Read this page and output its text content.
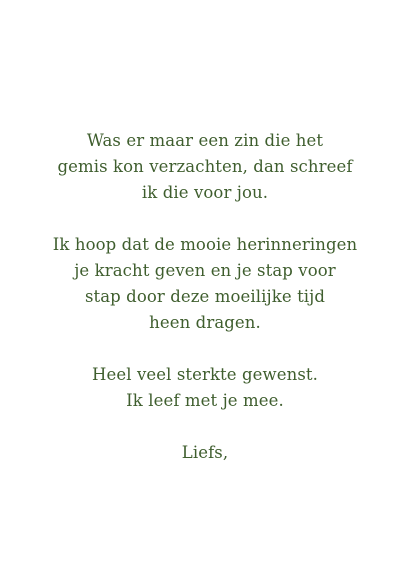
Was er maar een zin die het
gemis kon verzachten, dan schreef
ik die voor jou.

Ik hoop dat de mooie herinneringen
je kracht geven en je stap voor
stap door deze moeilijke tijd
heen dragen.

Heel veel sterkte gewenst.
Ik leef met je mee.

Liefs,
